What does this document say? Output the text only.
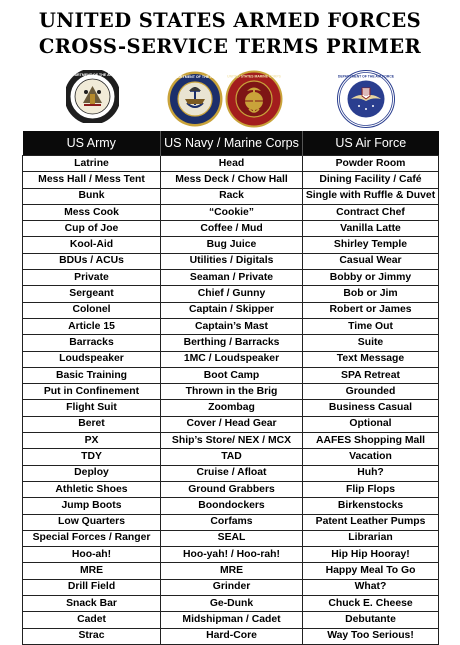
UNITED STATES ARMED FORCES
CROSS-SERVICE TERMS PRIMER
DEPARTMENT OF THE ARMY
DEPARTMENT OF THE NAVY UNITED STATES MARINE CORPS	DEPARTMENT OF THE AIR FORCE
US Army	US Navy / Marine Corps	US Air Force
Latrine	Head	Powder Room
Mess Hall / Mess Tent	Mess Deck / Chow Hall	Dining Facility / Café
Bunk	Rack	Single with Ruffle & Duvet
Mess Cook	“Cookie”	Contract Chef
Cup of Joe	Coffee / Mud	Vanilla Latte
Kool-Aid	Bug Juice	Shirley Temple
BDUs / ACUs	Utilities / Digitals	Casual Wear
Private	Seaman / Private	Bobby or Jimmy
Sergeant	Chief / Gunny	Bob or Jim
Colonel	Captain / Skipper	Robert or James
Article 15	Captain’s Mast	Time Out
Barracks	Berthing / Barracks	Suite
Loudspeaker	1MC / Loudspeaker	Text Message
Basic Training	Boot Camp	SPA Retreat
Put in Confinement	Thrown in the Brig	Grounded
Flight Suit	Zoombag	Business Casual
Beret	Cover / Head Gear	Optional
PX	Ship’s Store/ NEX / MCX	AAFES Shopping Mall
TDY	TAD	Vacation
Deploy	Cruise / Afloat	Huh?
Athletic Shoes	Ground Grabbers	Flip Flops
Jump Boots	Boondockers	Birkenstocks
Low Quarters	Corfams	Patent Leather Pumps
Special Forces / Ranger	SEAL	Librarian
Hoo-ah!	Hoo-yah! / Hoo-rah!	Hip Hip Hooray!
MRE	MRE	Happy Meal To Go
Drill Field	Grinder	What?
Snack Bar	Ge-Dunk	Chuck E. Cheese
Cadet	Midshipman / Cadet	Debutante
Strac	Hard-Core	Way Too Serious!
